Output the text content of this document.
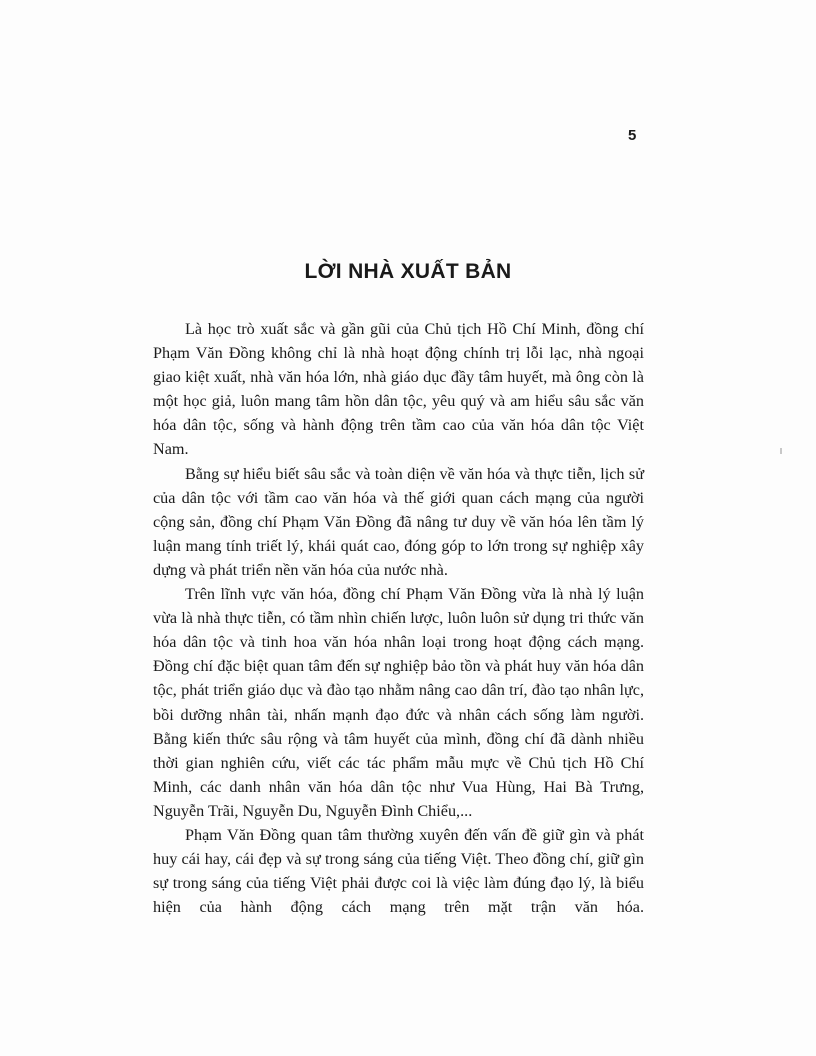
5
LỜI NHÀ XUẤT BẢN

Là học trò xuất sắc và gần gũi của Chủ tịch Hồ Chí Minh, đồng chí Phạm Văn Đồng không chỉ là nhà hoạt động chính trị lỗi lạc, nhà ngoại giao kiệt xuất, nhà văn hóa lớn, nhà giáo dục đầy tâm huyết, mà ông còn là một học giả, luôn mang tâm hồn dân tộc, yêu quý và am hiểu sâu sắc văn hóa dân tộc, sống và hành động trên tầm cao của văn hóa dân tộc Việt Nam.

Bằng sự hiểu biết sâu sắc và toàn diện về văn hóa và thực tiễn, lịch sử của dân tộc với tầm cao văn hóa và thế giới quan cách mạng của người cộng sản, đồng chí Phạm Văn Đồng đã nâng tư duy về văn hóa lên tầm lý luận mang tính triết lý, khái quát cao, đóng góp to lớn trong sự nghiệp xây dựng và phát triển nền văn hóa của nước nhà.

Trên lĩnh vực văn hóa, đồng chí Phạm Văn Đồng vừa là nhà lý luận vừa là nhà thực tiễn, có tầm nhìn chiến lược, luôn luôn sử dụng tri thức văn hóa dân tộc và tinh hoa văn hóa nhân loại trong hoạt động cách mạng. Đồng chí đặc biệt quan tâm đến sự nghiệp bảo tồn và phát huy văn hóa dân tộc, phát triển giáo dục và đào tạo nhằm nâng cao dân trí, đào tạo nhân lực, bồi dưỡng nhân tài, nhấn mạnh đạo đức và nhân cách sống làm người. Bằng kiến thức sâu rộng và tâm huyết của mình, đồng chí đã dành nhiều thời gian nghiên cứu, viết các tác phẩm mẫu mực về Chủ tịch Hồ Chí Minh, các danh nhân văn hóa dân tộc như Vua Hùng, Hai Bà Trưng, Nguyễn Trãi, Nguyễn Du, Nguyễn Đình Chiểu,...

Phạm Văn Đồng quan tâm thường xuyên đến vấn đề giữ gìn và phát huy cái hay, cái đẹp và sự trong sáng của tiếng Việt. Theo đồng chí, giữ gìn sự trong sáng của tiếng Việt phải được coi là việc làm đúng đạo lý, là biểu hiện của hành động cách mạng trên mặt trận văn hóa.
